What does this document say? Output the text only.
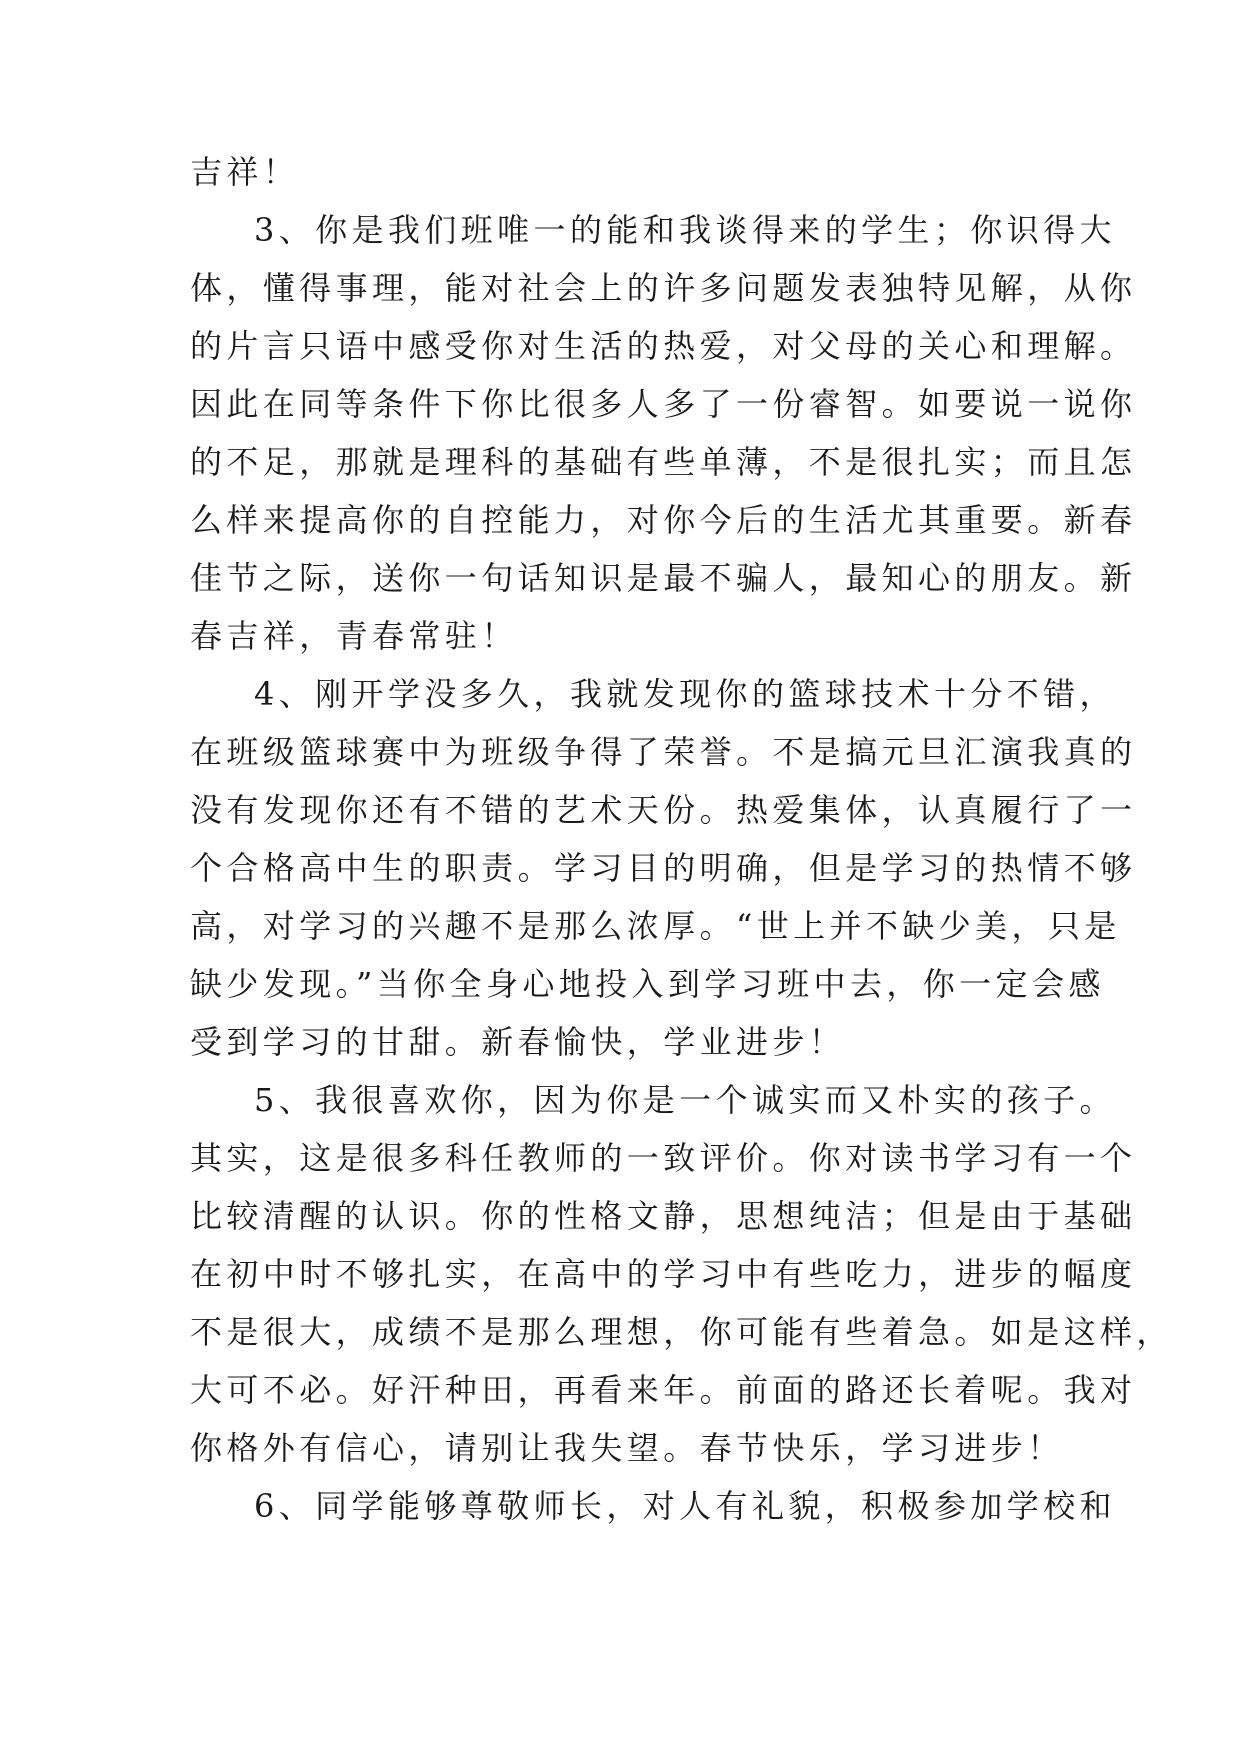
吉祥！
3、你是我们班唯一的能和我谈得来的学生；你识得大
体，懂得事理，能对社会上的许多问题发表独特见解，从你
的片言只语中感受你对生活的热爱，对父母的关心和理解。
因此在同等条件下你比很多人多了一份睿智。如要说一说你
的不足，那就是理科的基础有些单薄，不是很扎实；而且怎
么样来提高你的自控能力，对你今后的生活尤其重要。新春
佳节之际，送你一句话知识是最不骗人，最知心的朋友。新
春吉祥，青春常驻！
4、刚开学没多久，我就发现你的篮球技术十分不错，
在班级篮球赛中为班级争得了荣誉。不是搞元旦汇演我真的
没有发现你还有不错的艺术天份。热爱集体，认真履行了一
个合格高中生的职责。学习目的明确，但是学习的热情不够
高，对学习的兴趣不是那么浓厚。“世上并不缺少美，只是
缺少发现。”当你全身心地投入到学习班中去，你一定会感
受到学习的甘甜。新春愉快，学业进步！
5、我很喜欢你，因为你是一个诚实而又朴实的孩子。
其实，这是很多科任教师的一致评价。你对读书学习有一个
比较清醒的认识。你的性格文静，思想纯洁；但是由于基础
在初中时不够扎实，在高中的学习中有些吃力，进步的幅度
不是很大，成绩不是那么理想，你可能有些着急。如是这样，
大可不必。好汗种田，再看来年。前面的路还长着呢。我对
你格外有信心，请别让我失望。春节快乐，学习进步！
6、同学能够尊敬师长，对人有礼貌，积极参加学校和
